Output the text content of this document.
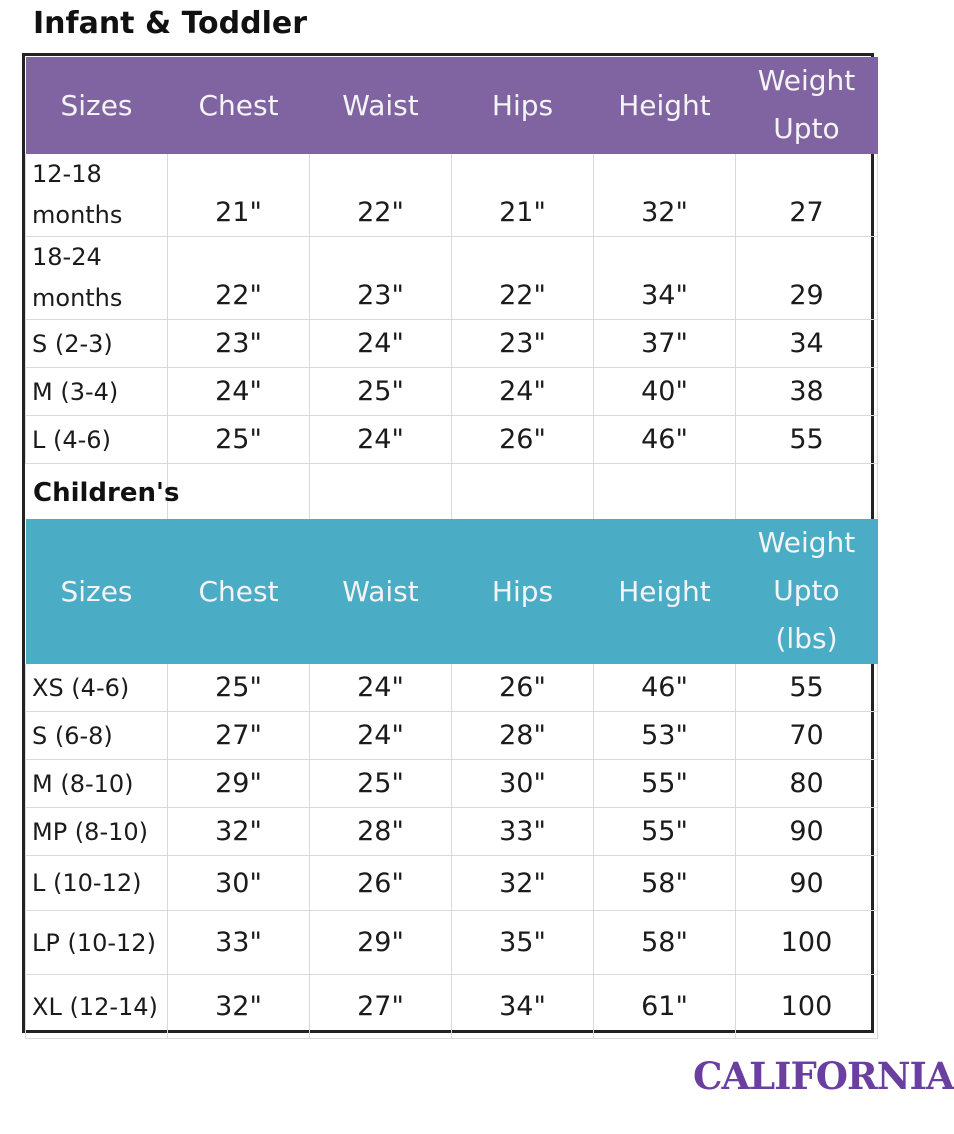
Infant & Toddler
Sizes	Chest	Waist	Hips	Height	Weight
Upto

12-18
months	21"	22"	21"	32"	27

18-24
months	22"	23"	22"	34"	29
S (2-3)	23"	24"	23"	37"	34
M (3-4)	24"	25"	24"	40"	38
L (4-6)	25"	24"	26"	46"	55

Children's
Sizes	Chest	Waist	Hips	Height	Weight
Upto
(lbs)

XS (4-6)	25"	24"	26"	46"	55
S (6-8)	27"	24"	28"	53"	70
M (8-10)	29"	25"	30"	55"	80
MP (8-10)	32"	28"	33"	55"	90
L (10-12)	30"	26"	32"	58"	90
LP (10-12)	33"	29"	35"	58"	100
XL (12-14)	32"	27"	34"	61"	100
CALIFORNIA
